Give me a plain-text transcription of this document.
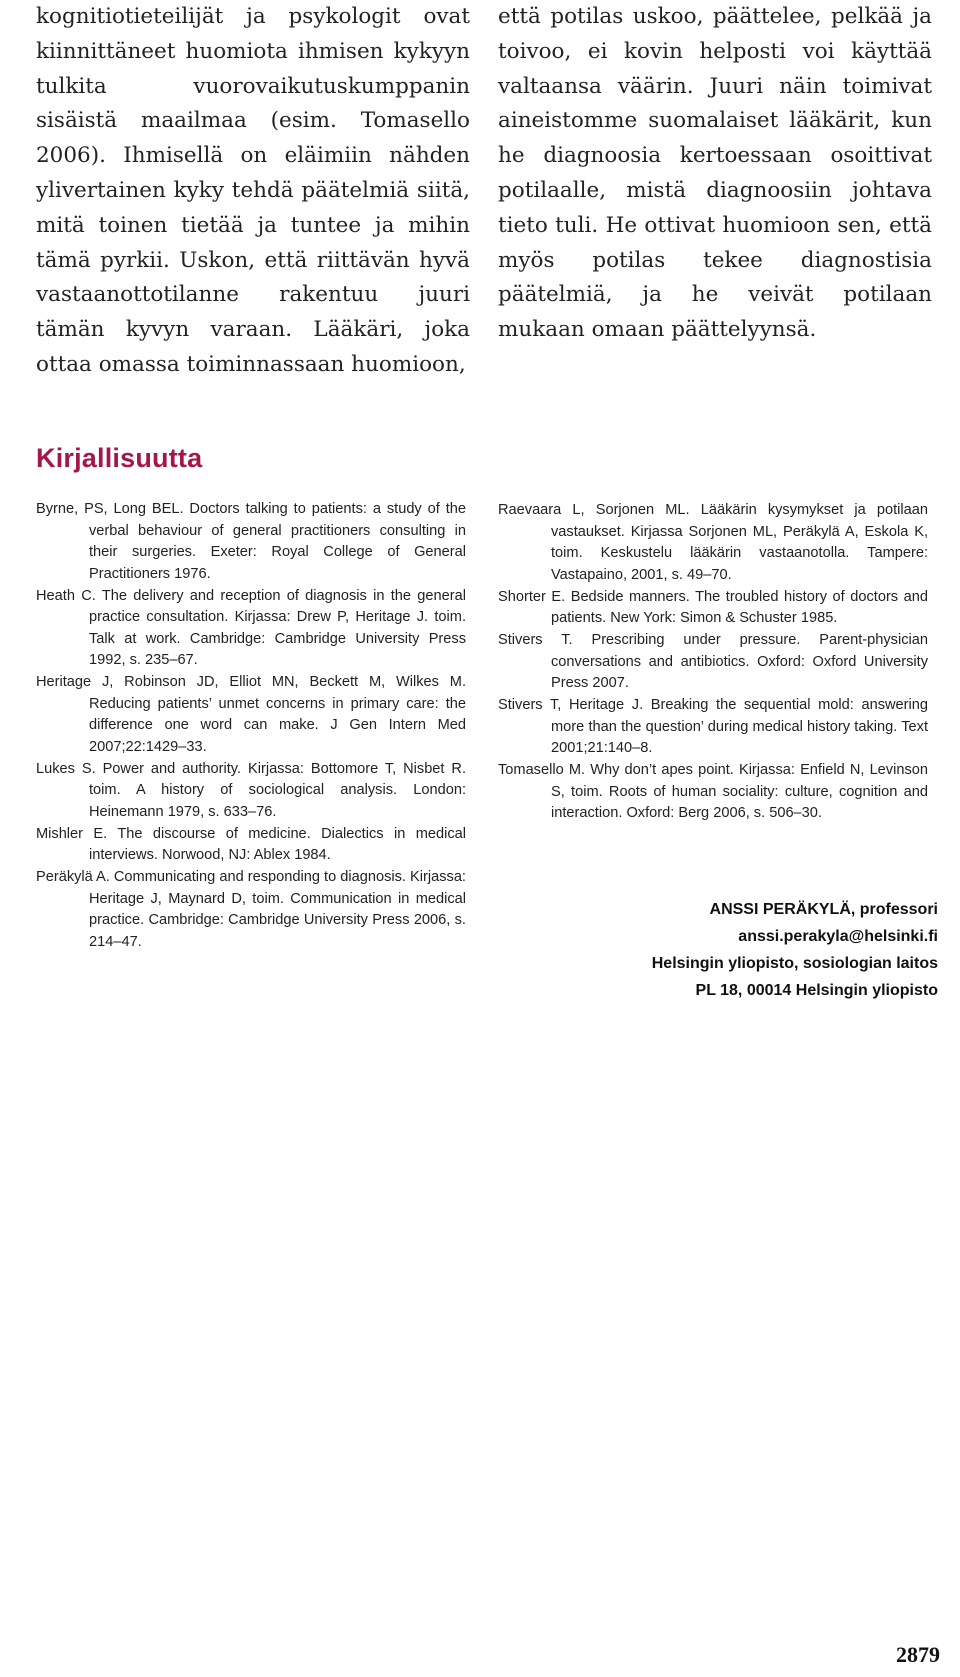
kognitiotieteilijät ja psykologit ovat kiinnittäneet huomiota ihmisen kykyyn tulkita vuorovaikutuskumppanin sisäistä maailmaa (esim. Tomasello 2006). Ihmisellä on eläimiin nähden ylivertainen kyky tehdä päätelmiä siitä, mitä toinen tietää ja tuntee ja mihin tämä pyrkii. Uskon, että riittävän hyvä vastaanottotilanne rakentuu juuri tämän kyvyn varaan. Lääkäri, joka ottaa omassa toiminnassaan huomioon,

että potilas uskoo, päättelee, pelkää ja toivoo, ei kovin helposti voi käyttää valtaansa väärin. Juuri näin toimivat aineistomme suomalaiset lääkärit, kun he diagnoosia kertoessaan osoittivat potilaalle, mistä diagnoosiin johtava tieto tuli. He ottivat huomioon sen, että myös potilas tekee diagnostisia päätelmiä, ja he veivät potilaan mukaan omaan päättelyynsä.

Kirjallisuutta

Byrne, PS, Long BEL. Doctors talking to patients: a study of the verbal behaviour of general practitioners consulting in their surgeries. Exeter: Royal College of General Practitioners 1976.

Heath C. The delivery and reception of diagnosis in the general practice consultation. Kirjassa: Drew P, Heritage J. toim. Talk at work. Cambridge: Cambridge University Press 1992, s. 235–67.

Heritage J, Robinson JD, Elliot MN, Beckett M, Wilkes M. Reducing patients’ unmet concerns in primary care: the difference one word can make. J Gen Intern Med 2007;22:1429–33.

Lukes S. Power and authority. Kirjassa: Bottomore T, Nisbet R. toim. A history of sociological analysis. London: Heinemann 1979, s. 633–76.

Mishler E. The discourse of medicine. Dialectics in medical interviews. Norwood, NJ: Ablex 1984.

Peräkylä A. Communicating and responding to diagnosis. Kirjassa: Heritage J, Maynard D, toim. Communication in medical practice. Cambridge: Cambridge University Press 2006, s. 214–47.

Raevaara L, Sorjonen ML. Lääkärin kysymykset ja potilaan vastaukset. Kirjassa Sorjonen ML, Peräkylä A, Eskola K, toim. Keskustelu lääkärin vastaanotolla. Tampere: Vastapaino, 2001, s. 49–70.

Shorter E. Bedside manners. The troubled history of doctors and patients. New York: Simon & Schuster 1985.

Stivers T. Prescribing under pressure. Parent-physician conversations and antibiotics. Oxford: Oxford University Press 2007.

Stivers T, Heritage J. Breaking the sequential mold: answering more than the question’ during medical history taking. Text 2001;21:140–8.

Tomasello M. Why don’t apes point. Kirjassa: Enfield N, Levinson S, toim. Roots of human sociality: culture, cognition and interaction. Oxford: Berg 2006, s. 506–30.

ANSSI PERÄKYLÄ, professori
anssi.perakyla@helsinki.fi
Helsingin yliopisto, sosiologian laitos
PL 18, 00014 Helsingin yliopisto
2879
